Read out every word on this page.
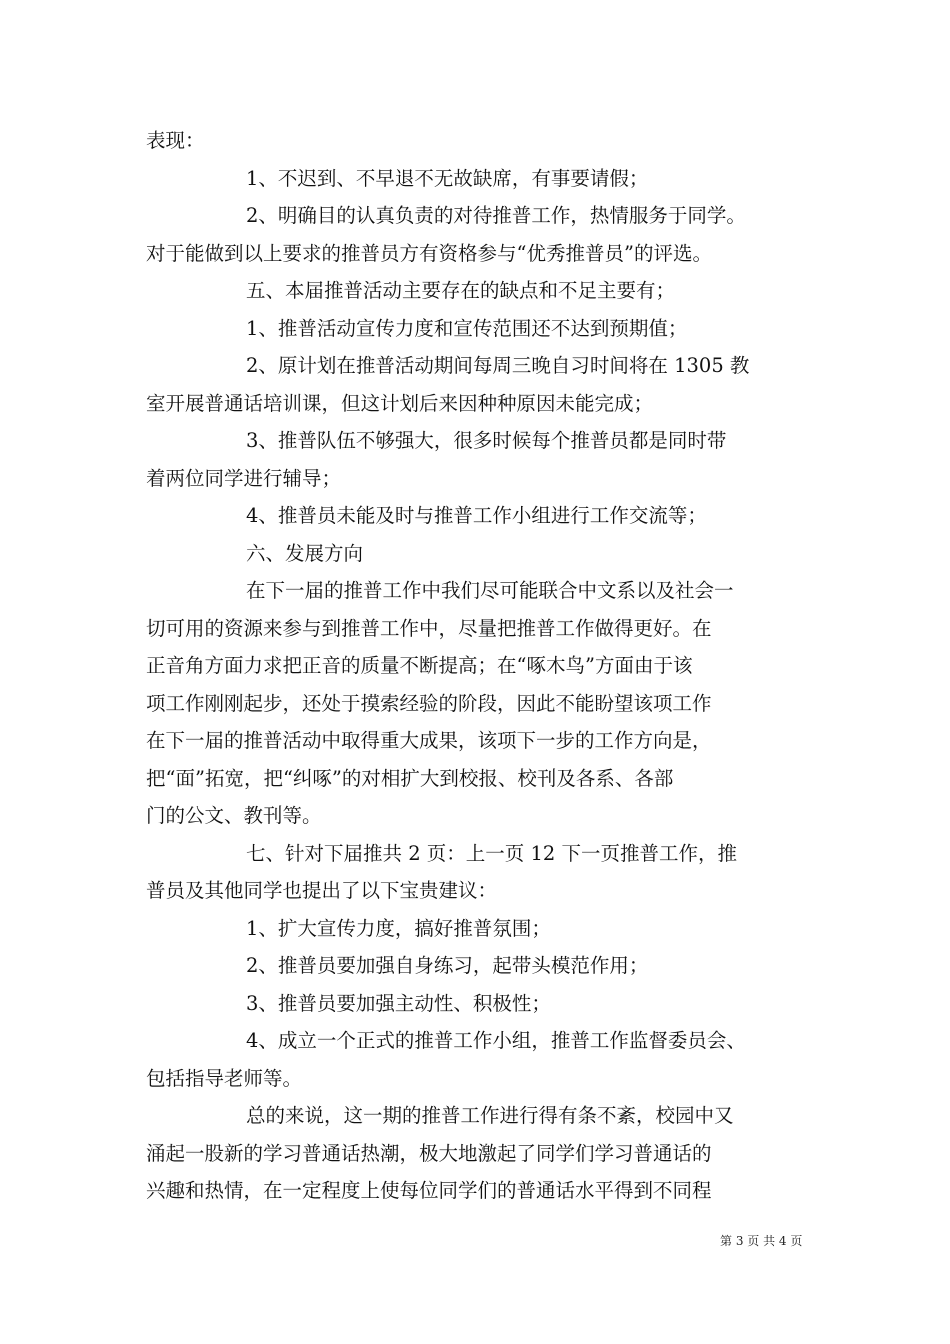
表现：
1、不迟到、不早退不无故缺席，有事要请假；
2、明确目的认真负责的对待推普工作，热情服务于同学。
对于能做到以上要求的推普员方有资格参与“优秀推普员”的评选。
五、本届推普活动主要存在的缺点和不足主要有；
1、推普活动宣传力度和宣传范围还不达到预期值；
2、原计划在推普活动期间每周三晚自习时间将在 1305 教
室开展普通话培训课，但这计划后来因种种原因未能完成；
3、推普队伍不够强大，很多时候每个推普员都是同时带
着两位同学进行辅导；
4、推普员未能及时与推普工作小组进行工作交流等；
六、发展方向
在下一届的推普工作中我们尽可能联合中文系以及社会一
切可用的资源来参与到推普工作中，尽量把推普工作做得更好。在
正音角方面力求把正音的质量不断提高；在“啄木鸟”方面由于该
项工作刚刚起步，还处于摸索经验的阶段，因此不能盼望该项工作
在下一届的推普活动中取得重大成果，该项下一步的工作方向是，
把“面”拓宽，把“纠啄”的对相扩大到校报、校刊及各系、各部
门的公文、教刊等。
七、针对下届推共 2 页：上一页 12 下一页推普工作，推
普员及其他同学也提出了以下宝贵建议：
1、扩大宣传力度，搞好推普氛围；
2、推普员要加强自身练习，起带头模范作用；
3、推普员要加强主动性、积极性；
4、成立一个正式的推普工作小组，推普工作监督委员会、
包括指导老师等。
总的来说，这一期的推普工作进行得有条不紊，校园中又
涌起一股新的学习普通话热潮，极大地激起了同学们学习普通话的
兴趣和热情，在一定程度上使每位同学们的普通话水平得到不同程
第 3 页 共 4 页
